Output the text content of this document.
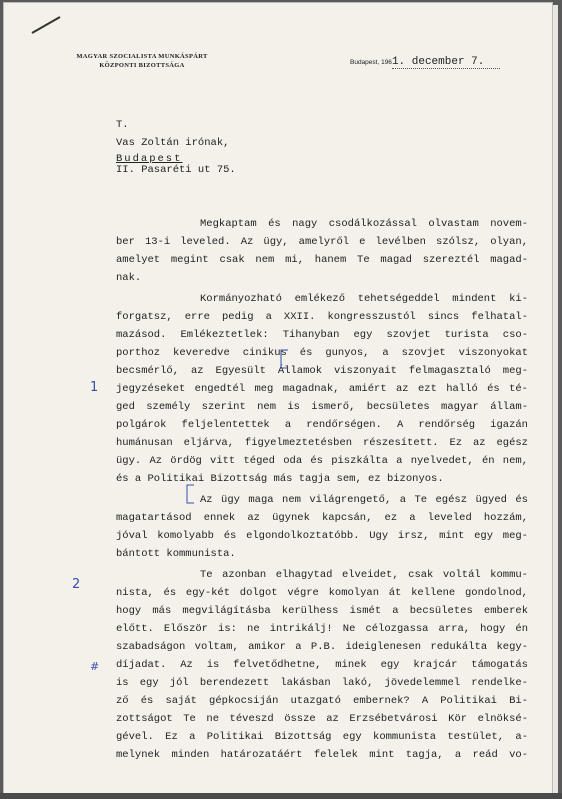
MAGYAR SZOCIALISTA MUNKÁSPÁRT
KÖZPONTI BIZOTTSÁGA	Budapest, 1961. december 7.
T.
Vas Zoltán irónak,
Budapest
II. Pasaréti ut 75.
Megkaptam és nagy csodálkozással olvastam novem-
ber 13-i leveled. Az ügy, amelyről e levélben szólsz, olyan,
amelyet megint csak nem mi, hanem Te magad szereztél magad-
nak.
Kormányozható emlékező tehetségeddel mindent ki-
forgatsz, erre pedig a XXII. kongresszustól sincs felhatal-
mazásod. Emlékeztetlek: Tihanyban egy szovjet turista cso-
porthoz keveredve cinikus és gunyos, a szovjet viszonyokat
becsmérlő, az Egyesült Államok viszonyait felmagasztaló meg-
jegyzéseket engedtél meg magadnak, amiért az ezt halló és té-
ged személy szerint nem is ismerő, becsületes magyar állam-
polgárok feljelentettek a rendőrségen. A rendőrség igazán
humánusan eljárva, figyelmeztetésben részesített. Ez az egész
ügy. Az ördög vitt téged oda és piszkálta a nyelvedet, én nem,
és a Politikai Bizottság más tagja sem, ez bizonyos.
Az ügy maga nem világrengető, a Te egész ügyed és
magatartásod ennek az ügynek kapcsán, ez a leveled hozzám,
jóval komolyabb és elgondolkoztatóbb. Ugy irsz, mint egy meg-
bántott kommunista.
Te azonban elhagytad elveidet, csak voltál kommu-
nista, és egy-két dolgot végre komolyan át kellene gondolnod,
hogy más megvilágításba kerülhess ismét a becsületes emberek
előtt. Először is: ne intrikálj! Ne célozgassa arra, hogy én
szabadságon voltam, amikor a P.B. ideiglenesen redukálta kegy-
díjadat. Az is felvetődhetne, minek egy krajcár támogatás
is egy jól berendezett lakásban lakó, jövedelemmel rendelke-
ző és saját gépkocsiján utazgató embernek? A Politikai Bi-
zottságot Te ne téveszd össze az Erzsébetvárosi Kör elnöksé-
gével. Ez a Politikai Bizottság egy kommunista testület, a-
melynek minden határozatáért felelek mint tagja, a reád vo-
1
2
#
